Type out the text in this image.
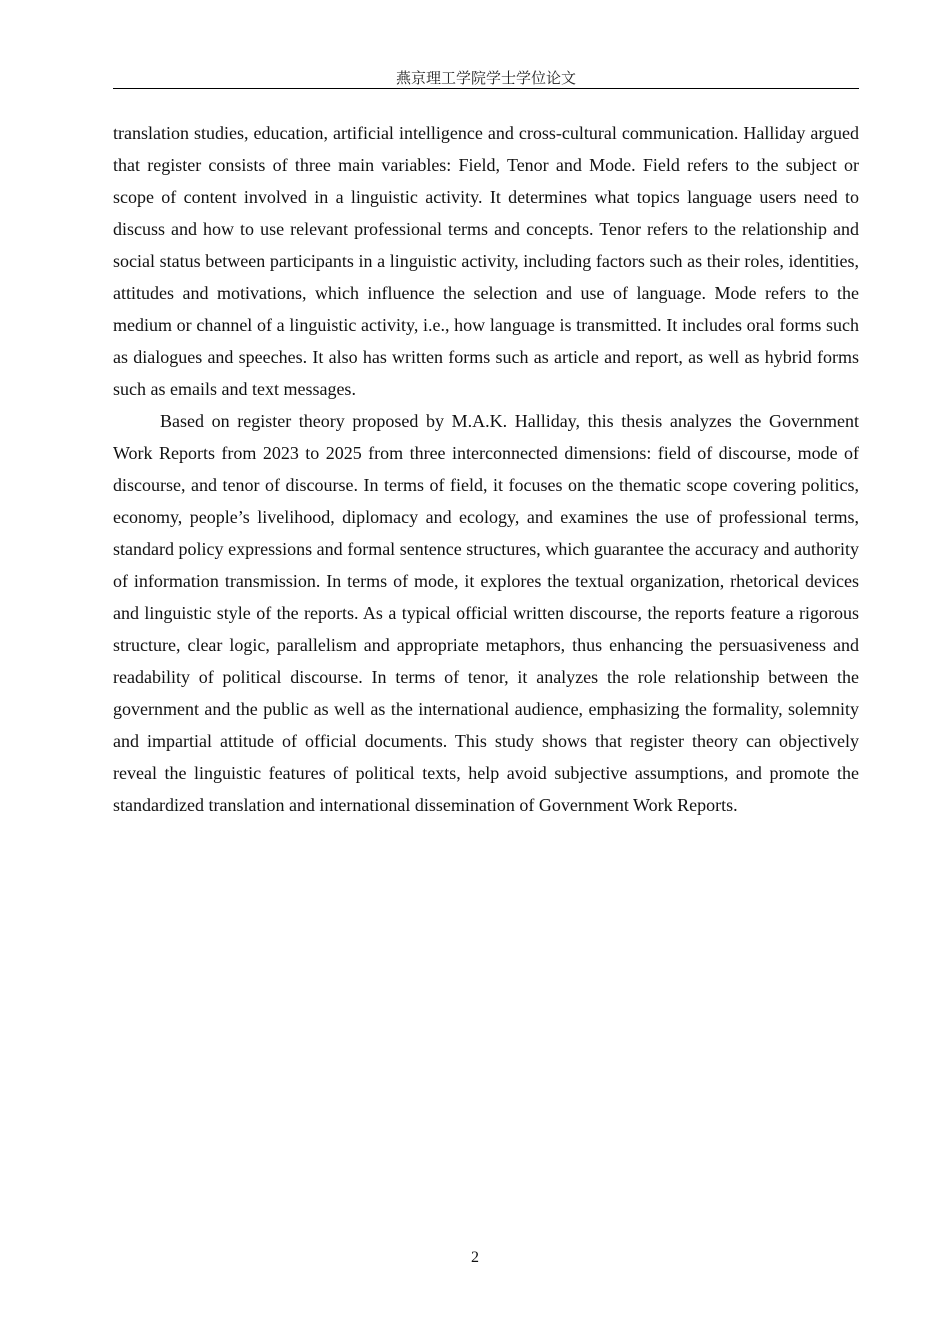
燕京理工学院学士学位论文

translation studies, education, artificial intelligence and cross-cultural communication. Halliday argued that register consists of three main variables: Field, Tenor and Mode. Field refers to the subject or scope of content involved in a linguistic activity. It determines what topics language users need to discuss and how to use relevant professional terms and concepts. Tenor refers to the relationship and social status between participants in a linguistic activity, including factors such as their roles, identities, attitudes and motivations, which influence the selection and use of language. Mode refers to the medium or channel of a linguistic activity, i.e., how language is transmitted. It includes oral forms such as dialogues and speeches. It also has written forms such as article and report, as well as hybrid forms such as emails and text messages.

Based on register theory proposed by M.A.K. Halliday, this thesis analyzes the Government Work Reports from 2023 to 2025 from three interconnected dimensions: field of discourse, mode of discourse, and tenor of discourse. In terms of field, it focuses on the thematic scope covering politics, economy, people’s livelihood, diplomacy and ecology, and examines the use of professional terms, standard policy expressions and formal sentence structures, which guarantee the accuracy and authority of information transmission. In terms of mode, it explores the textual organization, rhetorical devices and linguistic style of the reports. As a typical official written discourse, the reports feature a rigorous structure, clear logic, parallelism and appropriate metaphors, thus enhancing the persuasiveness and readability of political discourse. In terms of tenor, it analyzes the role relationship between the government and the public as well as the international audience, emphasizing the formality, solemnity and impartial attitude of official documents. This study shows that register theory can objectively reveal the linguistic features of political texts, help avoid subjective assumptions, and promote the standardized translation and international dissemination of Government Work Reports.

2
